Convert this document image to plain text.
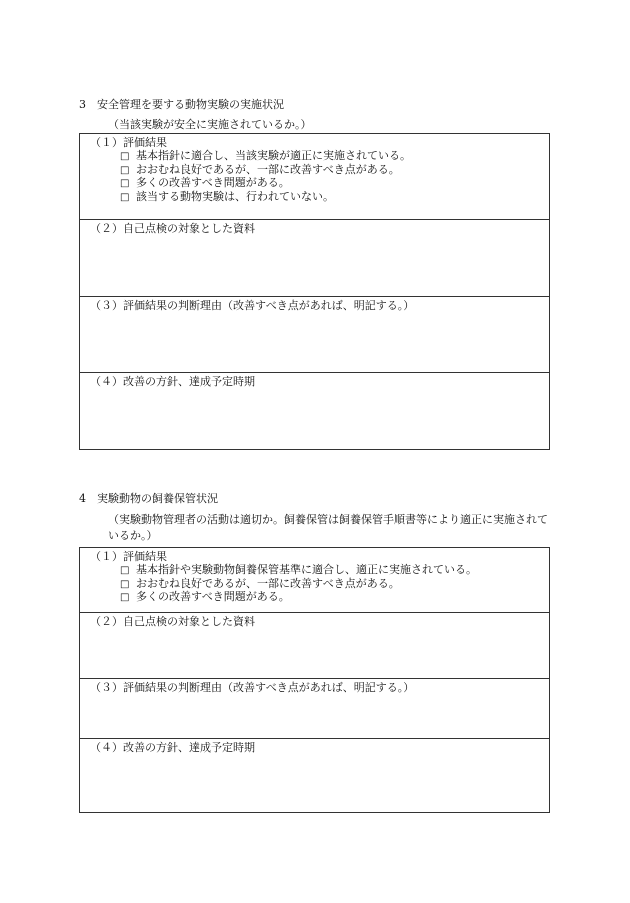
3　安全管理を要する動物実験の実施状況
（当該実験が安全に実施されているか。）
（１）評価結果
□ 基本指針に適合し、当該実験が適正に実施されている。
□ おおむね良好であるが、一部に改善すべき点がある。
□ 多くの改善すべき問題がある。
□ 該当する動物実験は、行われていない。

（２）自己点検の対象とした資料

（３）評価結果の判断理由（改善すべき点があれば、明記する。）

（４）改善の方針、達成予定時期
4　実験動物の飼養保管状況
（実験動物管理者の活動は適切か。飼養保管は飼養保管手順書等により適正に実施されているか。）
（１）評価結果
□ 基本指針や実験動物飼養保管基準に適合し、適正に実施されている。
□ おおむね良好であるが、一部に改善すべき点がある。
□ 多くの改善すべき問題がある。

（２）自己点検の対象とした資料

（３）評価結果の判断理由（改善すべき点があれば、明記する。）

（４）改善の方針、達成予定時期
